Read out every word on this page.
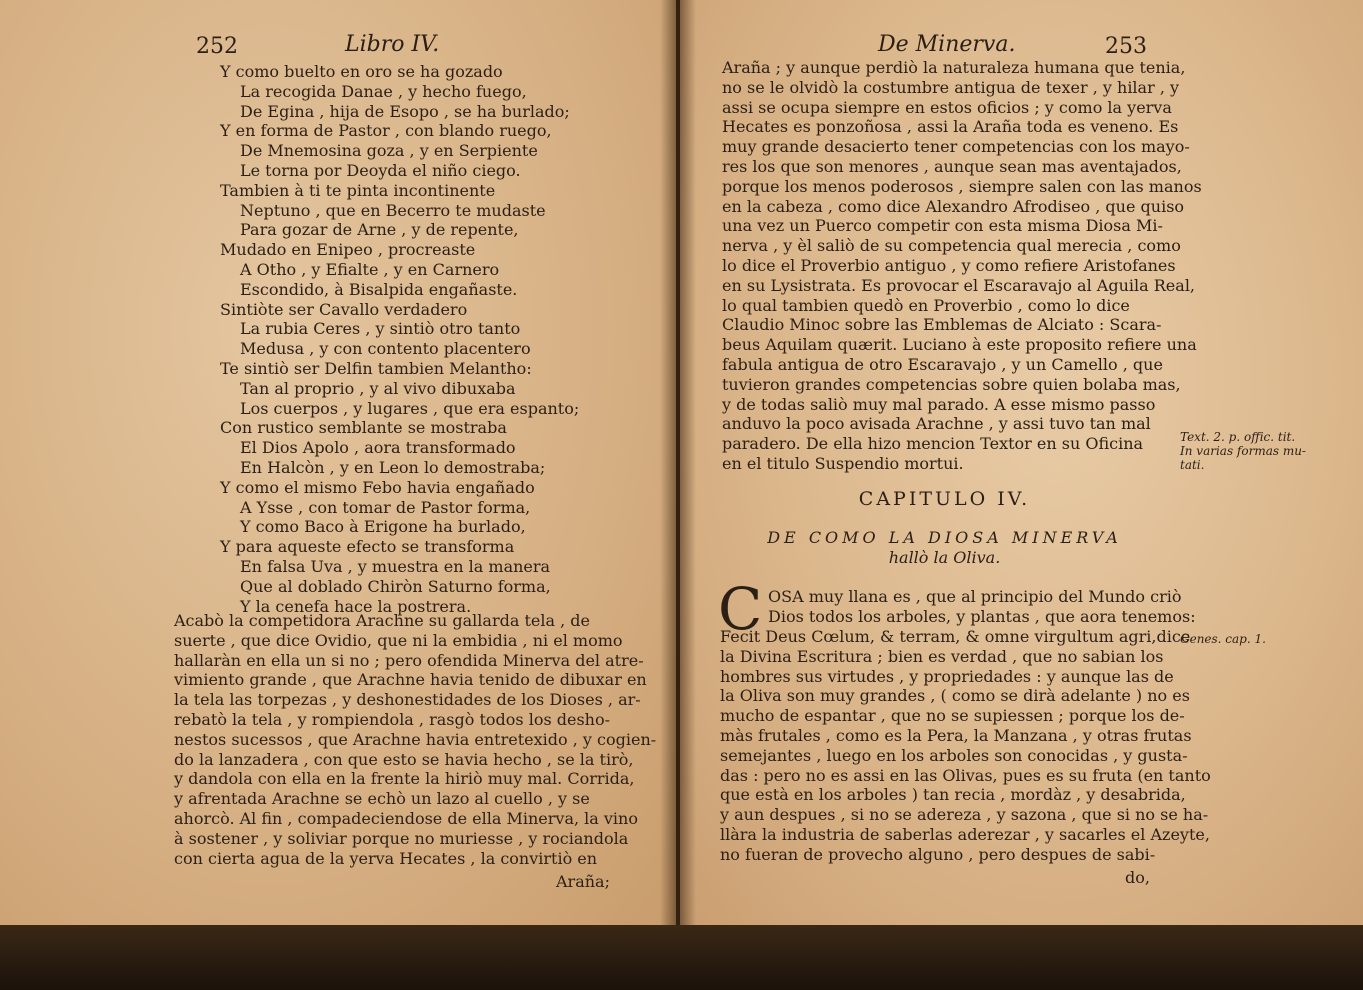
252	Libro IV.
Y como buelto en oro se ha gozado
La recogida Danae , y hecho fuego,
De Egina , hija de Esopo , se ha burlado;
Y en forma de Pastor , con blando ruego,
De Mnemosina goza , y en Serpiente
Le torna por Deoyda el niño ciego.
Tambien à ti te pinta incontinente
Neptuno , que en Becerro te mudaste
Para gozar de Arne , y de repente,
Mudado en Enipeo , procreaste
A Otho , y Efialte , y en Carnero
Escondido, à Bisalpida engañaste.
Sintiòte ser Cavallo verdadero
La rubia Ceres , y sintiò otro tanto
Medusa , y con contento placentero
Te sintiò ser Delfin tambien Melantho:
Tan al proprio , y al vivo dibuxaba
Los cuerpos , y lugares , que era espanto;
Con rustico semblante se mostraba
El Dios Apolo , aora transformado
En Halcòn , y en Leon lo demostraba;
Y como el mismo Febo havia engañado
A Ysse , con tomar de Pastor forma,
Y como Baco à Erigone ha burlado,
Y para aqueste efecto se transforma
En falsa Uva , y muestra en la manera
Que al doblado Chiròn Saturno forma,
Y la cenefa hace la postrera.
Acabò la competidora Arachne su gallarda tela , de
suerte , que dice Ovidio, que ni la embidia , ni el momo
hallaràn en ella un si no ; pero ofendida Minerva del atre-
vimiento grande , que Arachne havia tenido de dibuxar en
la tela las torpezas , y deshonestidades de los Dioses , ar-
rebatò la tela , y rompiendola , rasgò todos los desho-
nestos sucessos , que Arachne havia entretexido , y cogien-
do la lanzadera , con que esto se havia hecho , se la tirò,
y dandola con ella en la frente la hiriò muy mal. Corrida,
y afrentada Arachne se echò un lazo al cuello , y se
ahorcò. Al fin , compadeciendose de ella Minerva, la vino
à sostener , y soliviar porque no muriesse , y rociandola
con cierta agua de la yerva Hecates , la convirtiò en
Araña;
De Minerva.	253
Araña ; y aunque perdiò la naturaleza humana que tenia,
no se le olvidò la costumbre antigua de texer , y hilar , y
assi se ocupa siempre en estos oficios ; y como la yerva
Hecates es ponzoñosa , assi la Araña toda es veneno. Es
muy grande desacierto tener competencias con los mayo-
res los que son menores , aunque sean mas aventajados,
porque los menos poderosos , siempre salen con las manos
en la cabeza , como dice Alexandro Afrodiseo , que quiso
una vez un Puerco competir con esta misma Diosa Mi-
nerva , y èl saliò de su competencia qual merecia , como
lo dice el Proverbio antiguo , y como refiere Aristofanes
en su Lysistrata. Es provocar el Escaravajo al Aguila Real,
lo qual tambien quedò en Proverbio , como lo dice
Claudio Minoc sobre las Emblemas de Alciato : Scara-
beus Aquilam quærit. Luciano à este proposito refiere una
fabula antigua de otro Escaravajo , y un Camello , que
tuvieron grandes competencias sobre quien bolaba mas,
y de todas saliò muy mal parado. A esse mismo passo
anduvo la poco avisada Arachne , y assi tuvo tan mal
paradero. De ella hizo mencion Textor en su Oficina
en el titulo Suspendio mortui.
CAPITULO IV.
DE COMO LA DIOSA MINERVA
hallò la Oliva.
C OSA muy llana es , que al principio del Mundo criò
Dios todos los arboles, y plantas , que aora tenemos:
Fecit Deus Cœlum, & terram, & omne virgultum agri,dice
la Divina Escritura ; bien es verdad , que no sabian los
hombres sus virtudes , y propriedades : y aunque las de
la Oliva son muy grandes , ( como se dirà adelante ) no es
mucho de espantar , que no se supiessen ; porque los de-
màs frutales , como es la Pera, la Manzana , y otras frutas
semejantes , luego en los arboles son conocidas , y gusta-
das : pero no es assi en las Olivas, pues es su fruta (en tanto
que està en los arboles ) tan recia , mordàz , y desabrida,
y aun despues , si no se adereza , y sazona , que si no se ha-
llàra la industria de saberlas aderezar , y sacarles el Azeyte,
no fueran de provecho alguno , pero despues de sabi-
do,
Text. 2. p. offic. tit.
In varias formas mu-
tati.
Genes. cap. 1.
